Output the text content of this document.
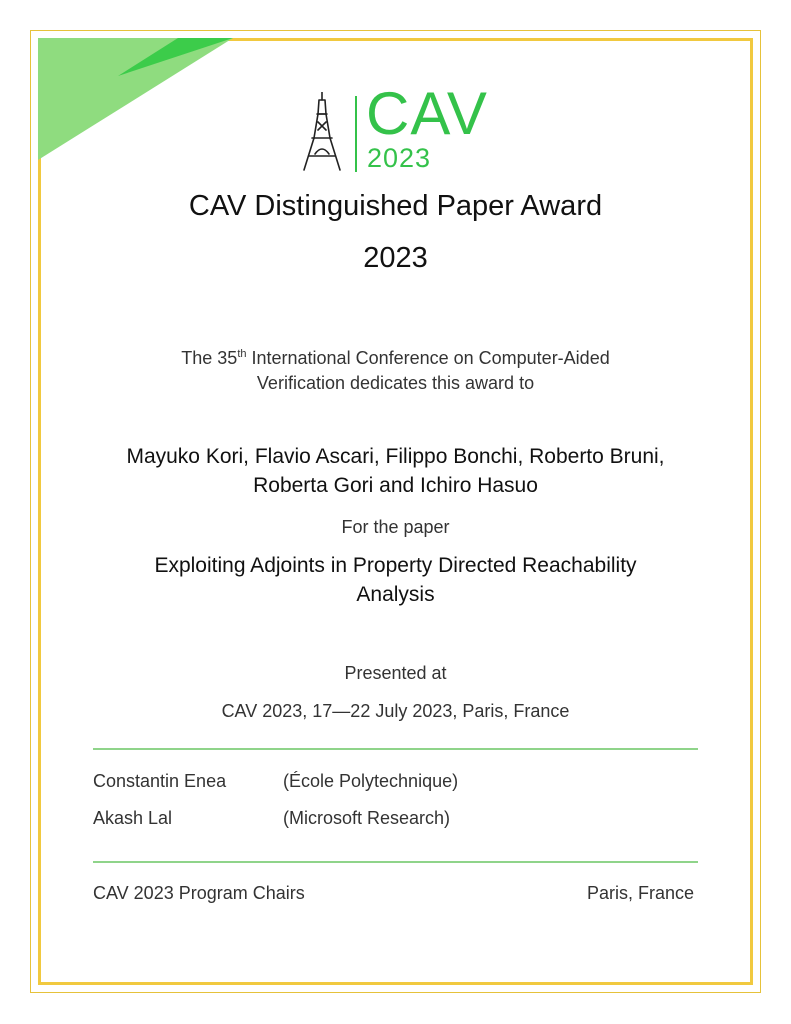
CAV
2023
CAV Distinguished Paper Award
2023
The 35th International Conference on Computer-Aided
Verification dedicates this award to
Mayuko Kori, Flavio Ascari, Filippo Bonchi, Roberto Bruni,
Roberta Gori and Ichiro Hasuo
For the paper
Exploiting Adjoints in Property Directed Reachability
Analysis
Presented at
CAV 2023, 17—22 July 2023, Paris, France
Constantin Enea	(École Polytechnique)
Akash Lal	(Microsoft Research)
CAV 2023 Program Chairs	Paris, France
